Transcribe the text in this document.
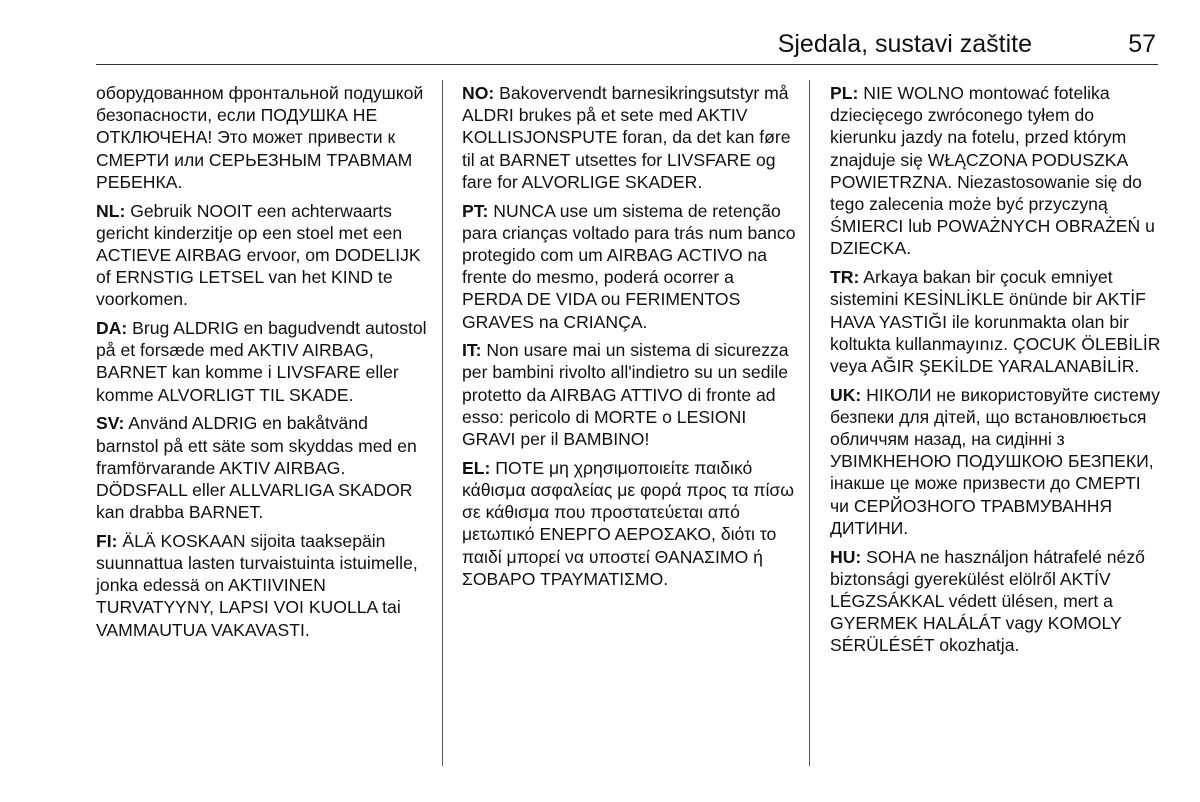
Sjedala, sustavi zaštite	57

оборудованном фронтальной подушкой безопасности, если ПОДУШКА НЕ ОТКЛЮЧЕНА! Это может привести к СМЕРТИ или СЕРЬЕЗНЫМ ТРАВМАМ РЕБЕНКА.

NL: Gebruik NOOIT een achterwaarts gericht kinderzitje op een stoel met een ACTIEVE AIRBAG ervoor, om DODELIJK of ERNSTIG LETSEL van het KIND te voorkomen.

DA: Brug ALDRIG en bagudvendt autostol på et forsæde med AKTIV AIRBAG, BARNET kan komme i LIVSFARE eller komme ALVORLIGT TIL SKADE.

SV: Använd ALDRIG en bakåtvänd barnstol på ett säte som skyddas med en framförvarande AKTIV AIRBAG. DÖDSFALL eller ALLVARLIGA SKADOR kan drabba BARNET.

FI: ÄLÄ KOSKAAN sijoita taaksepäin suunnattua lasten turvaistuinta istuimelle, jonka edessä on AKTIIVINEN TURVATYYNY, LAPSI VOI KUOLLA tai VAMMAUTUA VAKAVASTI.

NO: Bakovervendt barnesikringsutstyr må ALDRI brukes på et sete med AKTIV KOLLISJONSPUTE foran, da det kan føre til at BARNET utsettes for LIVSFARE og fare for ALVORLIGE SKADER.

PT: NUNCA use um sistema de retenção para crianças voltado para trás num banco protegido com um AIRBAG ACTIVO na frente do mesmo, poderá ocorrer a PERDA DE VIDA ou FERIMENTOS GRAVES na CRIANÇA.

IT: Non usare mai un sistema di sicurezza per bambini rivolto all'indietro su un sedile protetto da AIRBAG ATTIVO di fronte ad esso: pericolo di MORTE o LESIONI GRAVI per il BAMBINO!

EL: ΠΟΤΕ μη χρησιμοποιείτε παιδικό κάθισμα ασφαλείας με φορά προς τα πίσω σε κάθισμα που προστατεύεται από μετωπικό ΕΝΕΡΓΟ ΑΕΡΟΣΑΚΟ, διότι το παιδί μπορεί να υποστεί ΘΑΝΑΣΙΜΟ ή ΣΟΒΑΡΟ ΤΡΑΥΜΑΤΙΣΜΟ.

PL: NIE WOLNO montować fotelika dziecięcego zwróconego tyłem do kierunku jazdy na fotelu, przed którym znajduje się WŁĄCZONA PODUSZKA POWIETRZNA. Niezastosowanie się do tego zalecenia może być przyczyną ŚMIERCI lub POWAŻNYCH OBRAŻEŃ u DZIECKA.

TR: Arkaya bakan bir çocuk emniyet sistemini KESİNLİKLE önünde bir AKTİF HAVA YASTIĞI ile korunmakta olan bir koltukta kullanmayınız. ÇOCUK ÖLEBİLİR veya AĞIR ŞEKİLDE YARALANABİLİR.

UK: НІКОЛИ не використовуйте систему безпеки для дітей, що встановлюється обличчям назад, на сидінні з УВІМКНЕНОЮ ПОДУШКОЮ БЕЗПЕКИ, інакше це може призвести до СМЕРТІ чи СЕРЙОЗНОГО ТРАВМУВАННЯ ДИТИНИ.

HU: SOHA ne használjon hátrafelé néző biztonsági gyerekülést elölről AKTÍV LÉGZSÁKKAL védett ülésen, mert a GYERMEK HALÁLÁT vagy KOMOLY SÉRÜLÉSÉT okozhatja.
